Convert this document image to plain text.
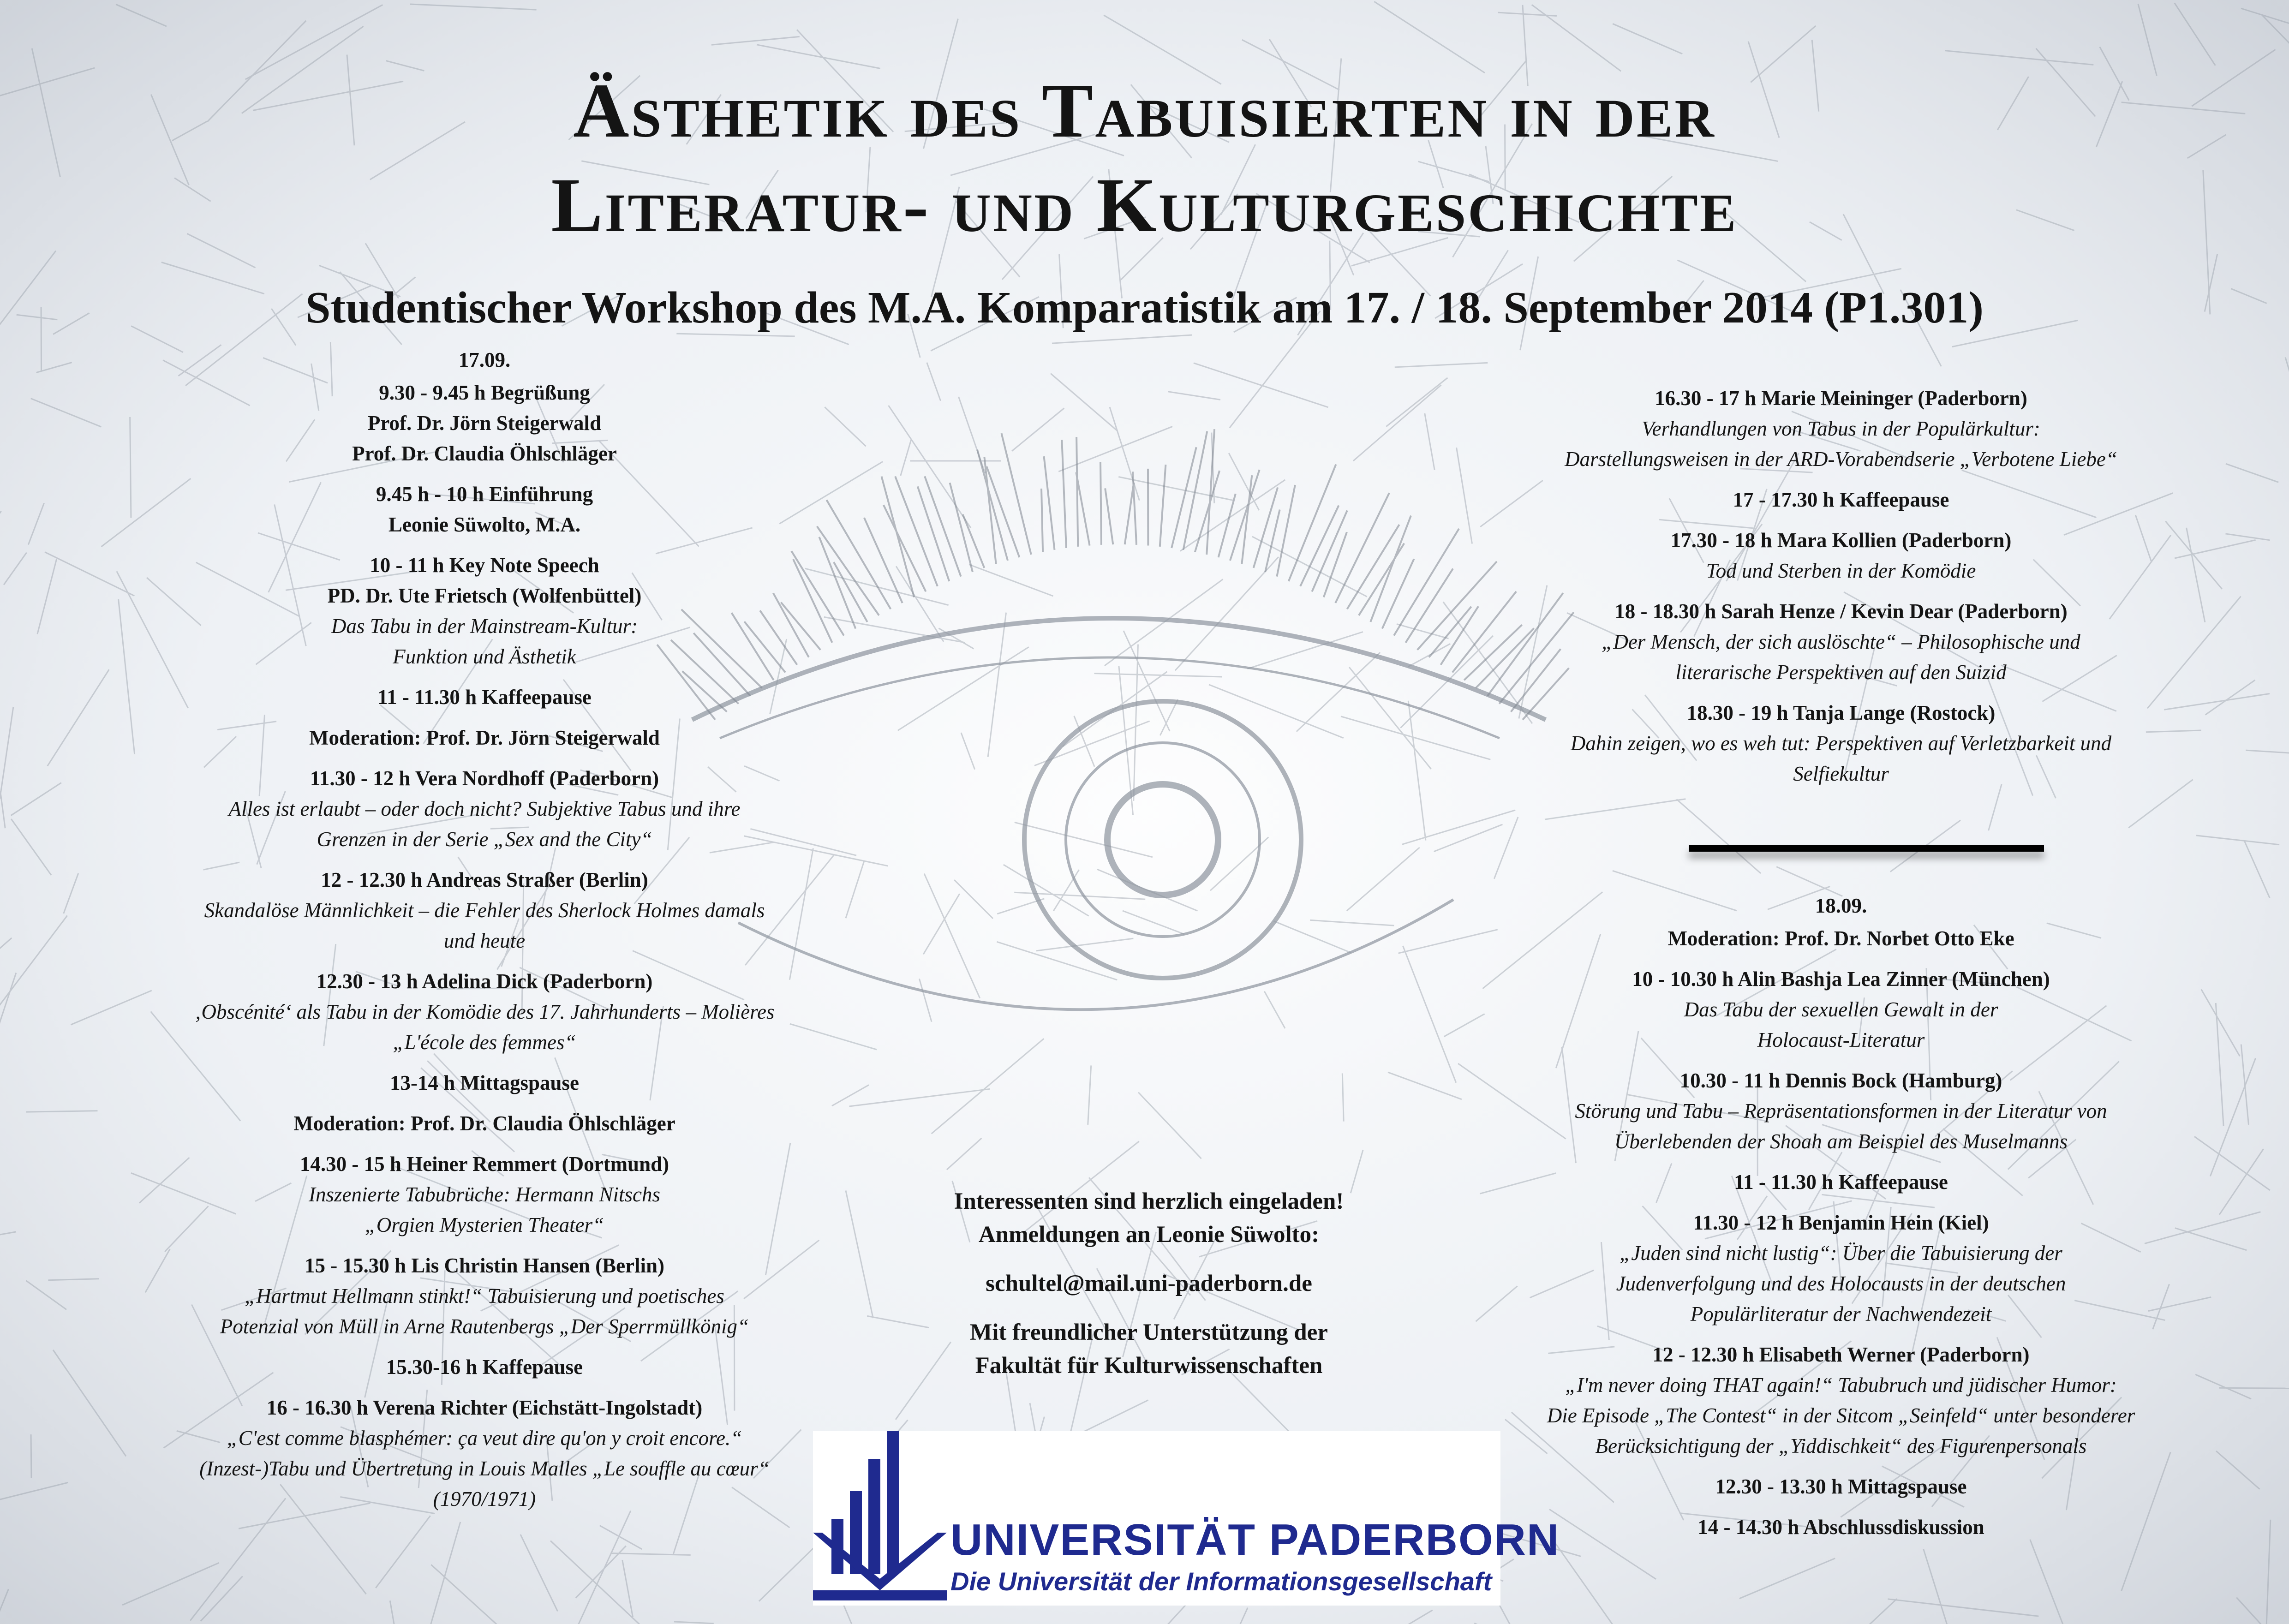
Ästhetik des Tabuisierten in der
Literatur- und Kulturgeschichte
Studentischer Workshop des M.A. Komparatistik am 17. / 18. September 2014 (P1.301)
17.09.
9.30 - 9.45 h Begrüßung
Prof. Dr. Jörn Steigerwald
Prof. Dr. Claudia Öhlschläger
9.45 h - 10 h Einführung
Leonie Süwolto, M.A.
10 - 11 h Key Note Speech
PD. Dr. Ute Frietsch (Wolfenbüttel)
Das Tabu in der Mainstream-Kultur:
Funktion und Ästhetik
11 - 11.30 h Kaffeepause
Moderation: Prof. Dr. Jörn Steigerwald
11.30 - 12 h Vera Nordhoff (Paderborn)
Alles ist erlaubt – oder doch nicht? Subjektive Tabus und ihre
Grenzen in der Serie „Sex and the City“
12 - 12.30 h Andreas Straßer (Berlin)
Skandalöse Männlichkeit – die Fehler des Sherlock Holmes damals
und heute
12.30 - 13 h Adelina Dick (Paderborn)
‚Obscénité‘ als Tabu in der Komödie des 17. Jahrhunderts – Molières
„L'école des femmes“
13-14 h Mittagspause
Moderation: Prof. Dr. Claudia Öhlschläger
14.30 - 15 h Heiner Remmert (Dortmund)
Inszenierte Tabubrüche: Hermann Nitschs
„Orgien Mysterien Theater“
15 - 15.30 h Lis Christin Hansen (Berlin)
„Hartmut Hellmann stinkt!“ Tabuisierung und poetisches
Potenzial von Müll in Arne Rautenbergs „Der Sperrmüllkönig“
15.30-16 h Kaffepause
16 - 16.30 h Verena Richter (Eichstätt-Ingolstadt)
„C'est comme blasphémer: ça veut dire qu'on y croit encore.“
(Inzest-)Tabu und Übertretung in Louis Malles „Le souffle au cœur“
(1970/1971)
16.30 - 17 h Marie Meininger (Paderborn)
Verhandlungen von Tabus in der Populärkultur:
Darstellungsweisen in der ARD-Vorabendserie „Verbotene Liebe“
17 - 17.30 h Kaffeepause
17.30 - 18 h Mara Kollien (Paderborn)
Tod und Sterben in der Komödie
18 - 18.30 h Sarah Henze / Kevin Dear (Paderborn)
„Der Mensch, der sich auslöschte“ – Philosophische und
literarische Perspektiven auf den Suizid
18.30 - 19 h Tanja Lange (Rostock)
Dahin zeigen, wo es weh tut: Perspektiven auf Verletzbarkeit und
Selfiekultur
18.09.
Moderation: Prof. Dr. Norbet Otto Eke
10 - 10.30 h Alin Bashja Lea Zinner (München)
Das Tabu der sexuellen Gewalt in der
Holocaust-Literatur
10.30 - 11 h Dennis Bock (Hamburg)
Störung und Tabu – Repräsentationsformen in der Literatur von
Überlebenden der Shoah am Beispiel des Muselmanns
11 - 11.30 h Kaffeepause
11.30 - 12 h Benjamin Hein (Kiel)
„Juden sind nicht lustig“: Über die Tabuisierung der
Judenverfolgung und des Holocausts in der deutschen
Populärliteratur der Nachwendezeit
12 - 12.30 h Elisabeth Werner (Paderborn)
„I'm never doing THAT again!“ Tabubruch und jüdischer Humor:
Die Episode „The Contest“ in der Sitcom „Seinfeld“ unter besonderer
Berücksichtigung der „Yiddischkeit“ des Figurenpersonals
12.30 - 13.30 h Mittagspause
14 - 14.30 h Abschlussdiskussion
Interessenten sind herzlich eingeladen!
Anmeldungen an Leonie Süwolto:
schultel@mail.uni-paderborn.de
Mit freundlicher Unterstützung der
Fakultät für Kulturwissenschaften
UNIVERSITÄT PADERBORN
Die Universität der Informationsgesellschaft
